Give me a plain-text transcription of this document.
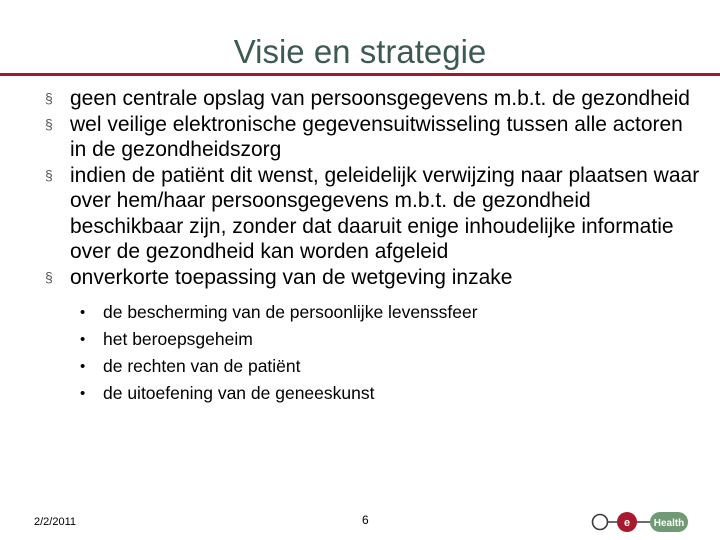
Visie en strategie
§ geen centrale opslag van persoonsgegevens m.b.t. de gezondheid
§ wel veilige elektronische gegevensuitwisseling tussen alle actoren in de gezondheidszorg
§ indien de patiënt dit wenst, geleidelijk verwijzing naar plaatsen waar over hem/haar persoonsgegevens m.b.t. de gezondheid beschikbaar zijn, zonder dat daaruit enige inhoudelijke informatie over de gezondheid kan worden afgeleid
§ onverkorte toepassing van de wetgeving inzake
• de bescherming van de persoonlijke levenssfeer
• het beroepsgeheim
• de rechten van de patiënt
• de uitoefening van de geneeskunst
2/2/2011	6	e Health
